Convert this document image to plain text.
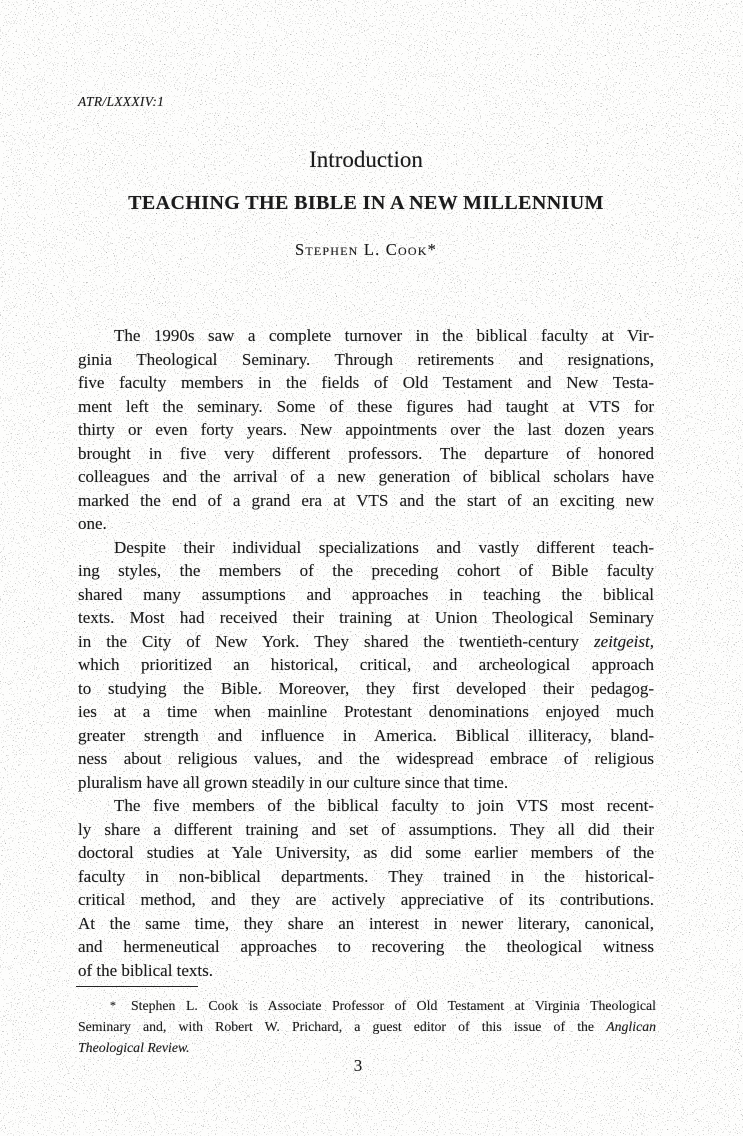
ATR/LXXXIV:1
Introduction
TEACHING THE BIBLE IN A NEW MILLENNIUM
Stephen L. Cook*
The 1990s saw a complete turnover in the biblical faculty at Vir-
ginia Theological Seminary. Through retirements and resignations,
five faculty members in the fields of Old Testament and New Testa-
ment left the seminary. Some of these figures had taught at VTS for
thirty or even forty years. New appointments over the last dozen years
brought in five very different professors. The departure of honored
colleagues and the arrival of a new generation of biblical scholars have
marked the end of a grand era at VTS and the start of an exciting new
one.
Despite their individual specializations and vastly different teach-
ing styles, the members of the preceding cohort of Bible faculty
shared many assumptions and approaches in teaching the biblical
texts. Most had received their training at Union Theological Seminary
in the City of New York. They shared the twentieth-century zeitgeist,
which prioritized an historical, critical, and archeological approach
to studying the Bible. Moreover, they first developed their pedagog-
ies at a time when mainline Protestant denominations enjoyed much
greater strength and influence in America. Biblical illiteracy, bland-
ness about religious values, and the widespread embrace of religious
pluralism have all grown steadily in our culture since that time.
The five members of the biblical faculty to join VTS most recent-
ly share a different training and set of assumptions. They all did their
doctoral studies at Yale University, as did some earlier members of the
faculty in non-biblical departments. They trained in the historical-
critical method, and they are actively appreciative of its contributions.
At the same time, they share an interest in newer literary, canonical,
and hermeneutical approaches to recovering the theological witness
of the biblical texts.
* Stephen L. Cook is Associate Professor of Old Testament at Virginia Theological
Seminary and, with Robert W. Prichard, a guest editor of this issue of the Anglican
Theological Review.
3
